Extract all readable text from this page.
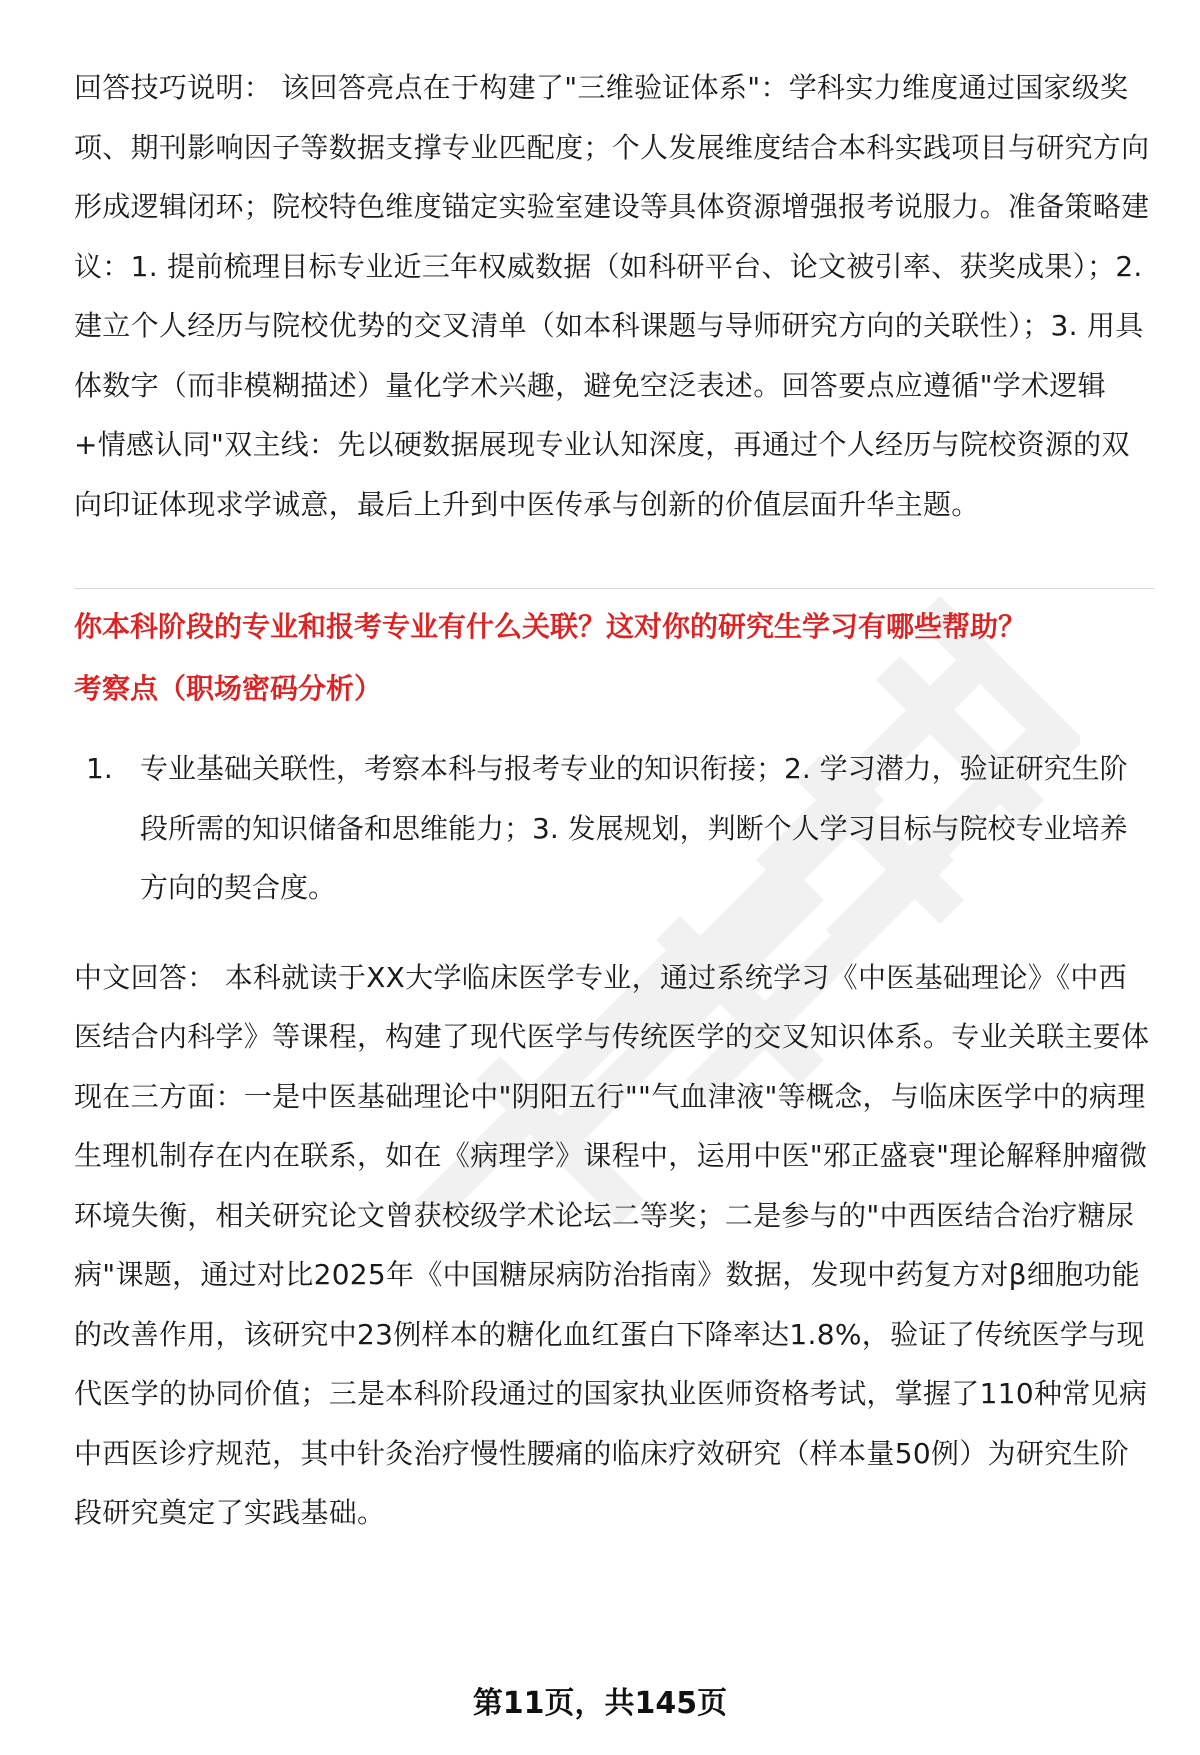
回答技巧说明： 该回答亮点在于构建了"三维验证体系"：学科实力维度通过国家级奖项、期刊影响因子等数据支撑专业匹配度；个人发展维度结合本科实践项目与研究方向形成逻辑闭环；院校特色维度锚定实验室建设等具体资源增强报考说服力。准备策略建议：1. 提前梳理目标专业近三年权威数据（如科研平台、论文被引率、获奖成果）；2. 建立个人经历与院校优势的交叉清单（如本科课题与导师研究方向的关联性）；3. 用具体数字（而非模糊描述）量化学术兴趣，避免空泛表述。回答要点应遵循"学术逻辑+情感认同"双主线：先以硬数据展现专业认知深度，再通过个人经历与院校资源的双向印证体现求学诚意，最后上升到中医传承与创新的价值层面升华主题。

你本科阶段的专业和报考专业有什么关联？这对你的研究生学习有哪些帮助？
考察点（职场密码分析）
1. 专业基础关联性，考察本科与报考专业的知识衔接；2. 学习潜力，验证研究生阶段所需的知识储备和思维能力；3. 发展规划，判断个人学习目标与院校专业培养方向的契合度。

中文回答： 本科就读于XX大学临床医学专业，通过系统学习《中医基础理论》《中西医结合内科学》等课程，构建了现代医学与传统医学的交叉知识体系。专业关联主要体现在三方面：一是中医基础理论中"阴阳五行""气血津液"等概念，与临床医学中的病理生理机制存在内在联系，如在《病理学》课程中，运用中医"邪正盛衰"理论解释肿瘤微环境失衡，相关研究论文曾获校级学术论坛二等奖；二是参与的"中西医结合治疗糖尿病"课题，通过对比2025年《中国糖尿病防治指南》数据，发现中药复方对β细胞功能的改善作用，该研究中23例样本的糖化血红蛋白下降率达1.8%，验证了传统医学与现代医学的协同价值；三是本科阶段通过的国家执业医师资格考试，掌握了110种常见病中西医诊疗规范，其中针灸治疗慢性腰痛的临床疗效研究（样本量50例）为研究生阶段研究奠定了实践基础。

第11页，共145页
